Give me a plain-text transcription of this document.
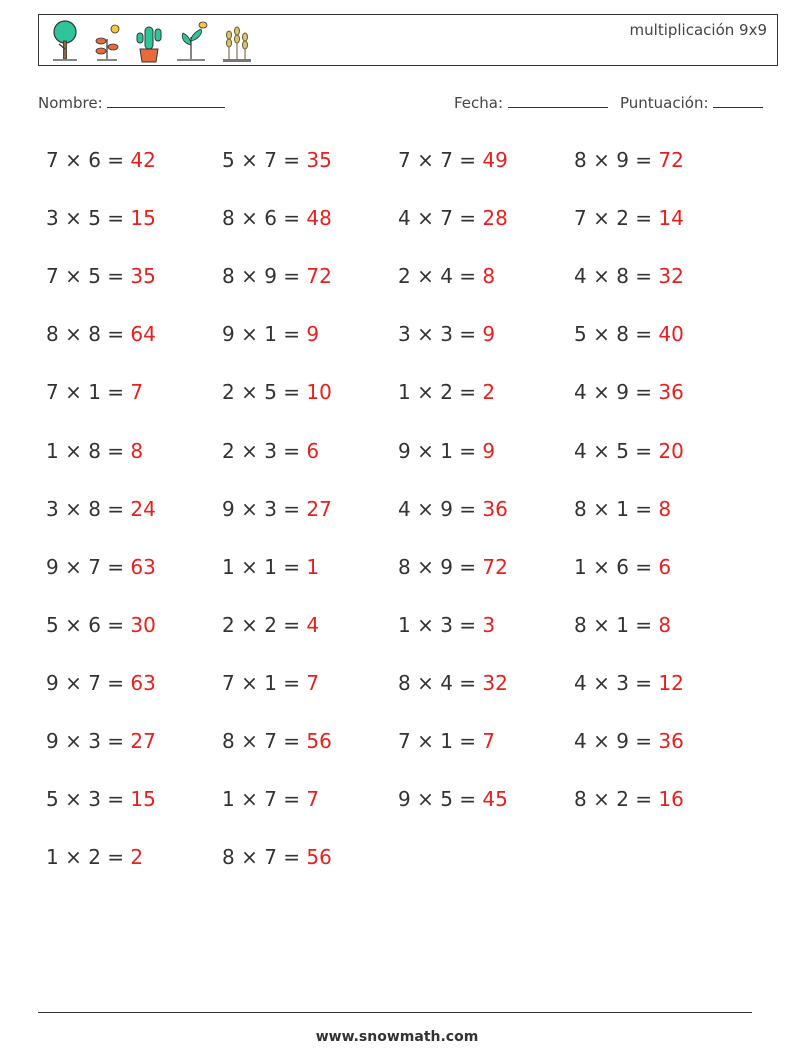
multiplicación 9x9
Nombre:	Fecha:	Puntuación:
7 × 6 = 42	5 × 7 = 35	7 × 7 = 49	8 × 9 = 72
3 × 5 = 15	8 × 6 = 48	4 × 7 = 28	7 × 2 = 14
7 × 5 = 35	8 × 9 = 72	2 × 4 = 8	4 × 8 = 32
8 × 8 = 64	9 × 1 = 9	3 × 3 = 9	5 × 8 = 40
7 × 1 = 7	2 × 5 = 10	1 × 2 = 2	4 × 9 = 36
1 × 8 = 8	2 × 3 = 6	9 × 1 = 9	4 × 5 = 20
3 × 8 = 24	9 × 3 = 27	4 × 9 = 36	8 × 1 = 8
9 × 7 = 63	1 × 1 = 1	8 × 9 = 72	1 × 6 = 6
5 × 6 = 30	2 × 2 = 4	1 × 3 = 3	8 × 1 = 8
9 × 7 = 63	7 × 1 = 7	8 × 4 = 32	4 × 3 = 12
9 × 3 = 27	8 × 7 = 56	7 × 1 = 7	4 × 9 = 36
5 × 3 = 15	1 × 7 = 7	9 × 5 = 45	8 × 2 = 16
1 × 2 = 2	8 × 7 = 56
www.snowmath.com
